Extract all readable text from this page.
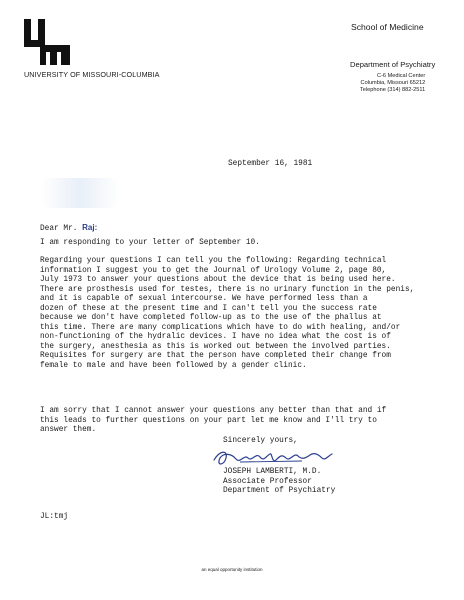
UNIVERSITY OF MISSOURI-COLUMBIA
School of Medicine
Department of Psychiatry
C-6 Medical Center
Columbia, Missouri 65212
Telephone (314) 882-2511
September 16, 1981
Dear Mr. Raj:
I am responding to your letter of September 10.
Regarding your questions I can tell you the following: Regarding technical
information I suggest you to get the Journal of Urology Volume 2, page 80,
July 1973 to answer your questions about the device that is being used here.
There are prosthesis used for testes, there is no urinary function in the penis,
and it is capable of sexual intercourse. We have performed less than a
dozen of these at the present time and I can't tell you the success rate
because we don't have completed follow-up as to the use of the phallus at
this time. There are many complications which have to do with healing, and/or
non-functioning of the hydralic devices. I have no idea what the cost is of
the surgery, anesthesia as this is worked out between the involved parties.
Requisites for surgery are that the person have completed their change from
female to male and have been followed by a gender clinic.
I am sorry that I cannot answer your questions any better than that and if
this leads to further questions on your part let me know and I'll try to
answer them.
Sincerely yours,
JOSEPH LAMBERTI, M.D.
Associate Professor
Department of Psychiatry
JL:tmj
an equal opportunity institution
